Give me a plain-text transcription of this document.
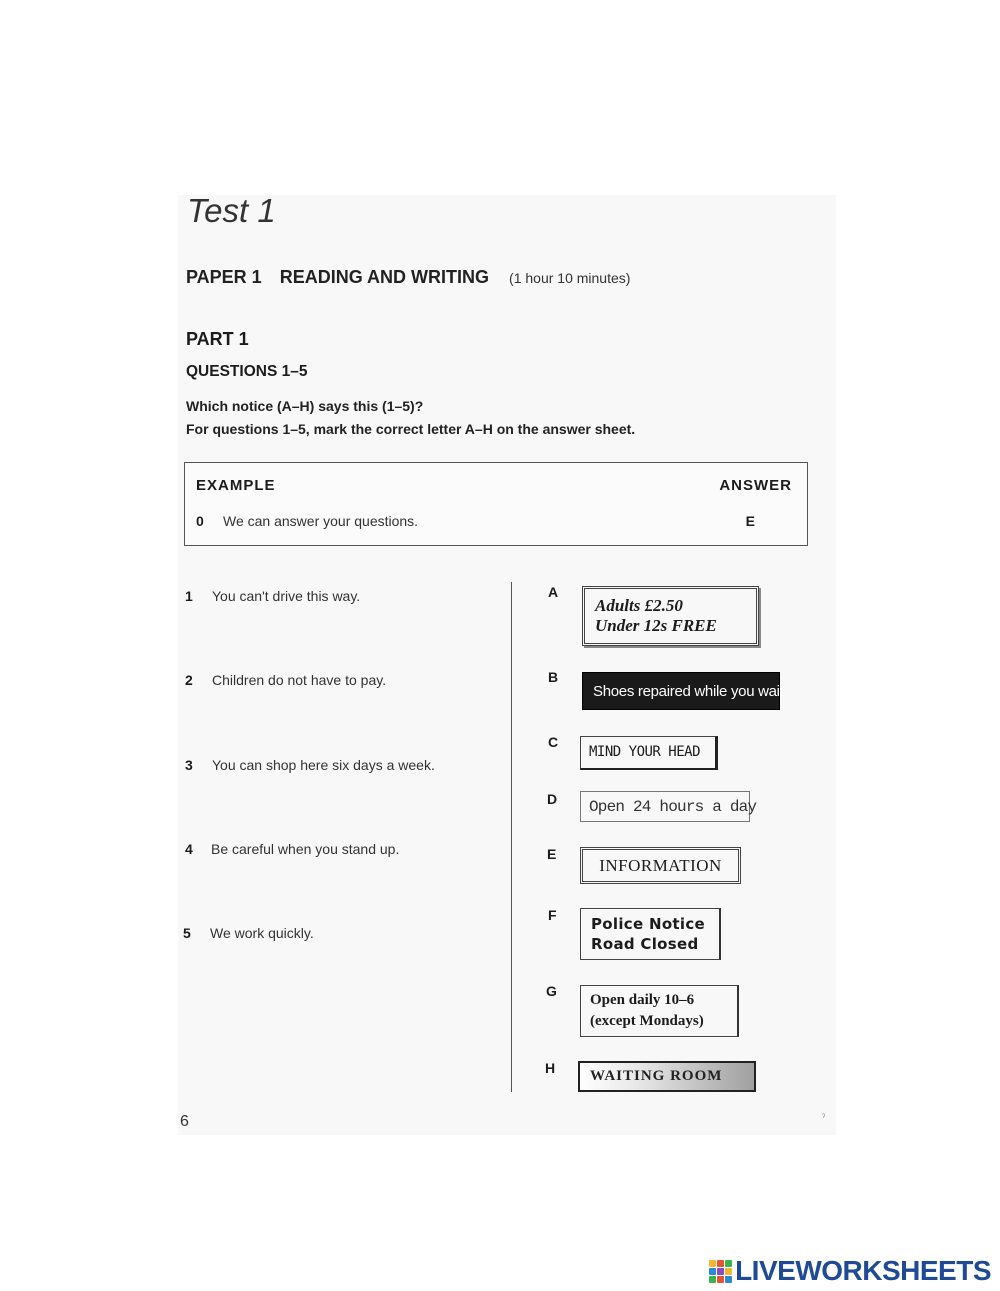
Test 1
PAPER 1 READING AND WRITING (1 hour 10 minutes)
PART 1
QUESTIONS 1–5
Which notice (A–H) says this (1–5)?
For questions 1–5, mark the correct letter A–H on the answer sheet.
EXAMPLE	ANSWER
0 We can answer your questions.	E
1 You can't drive this way.
2 Children do not have to pay.
3 You can shop here six days a week.
4 Be careful when you stand up.
5 We work quickly.
A
B
C
D
E
F
G
H
Adults £2.50
Under 12s FREE
Shoes repaired while you wait
MIND YOUR HEAD
Open 24 hours a day
INFORMATION
Police Notice
Road Closed
Open daily 10–6
(except Mondays)
WAITING ROOM
6	ˀ
LIVEWORKSHEETS
